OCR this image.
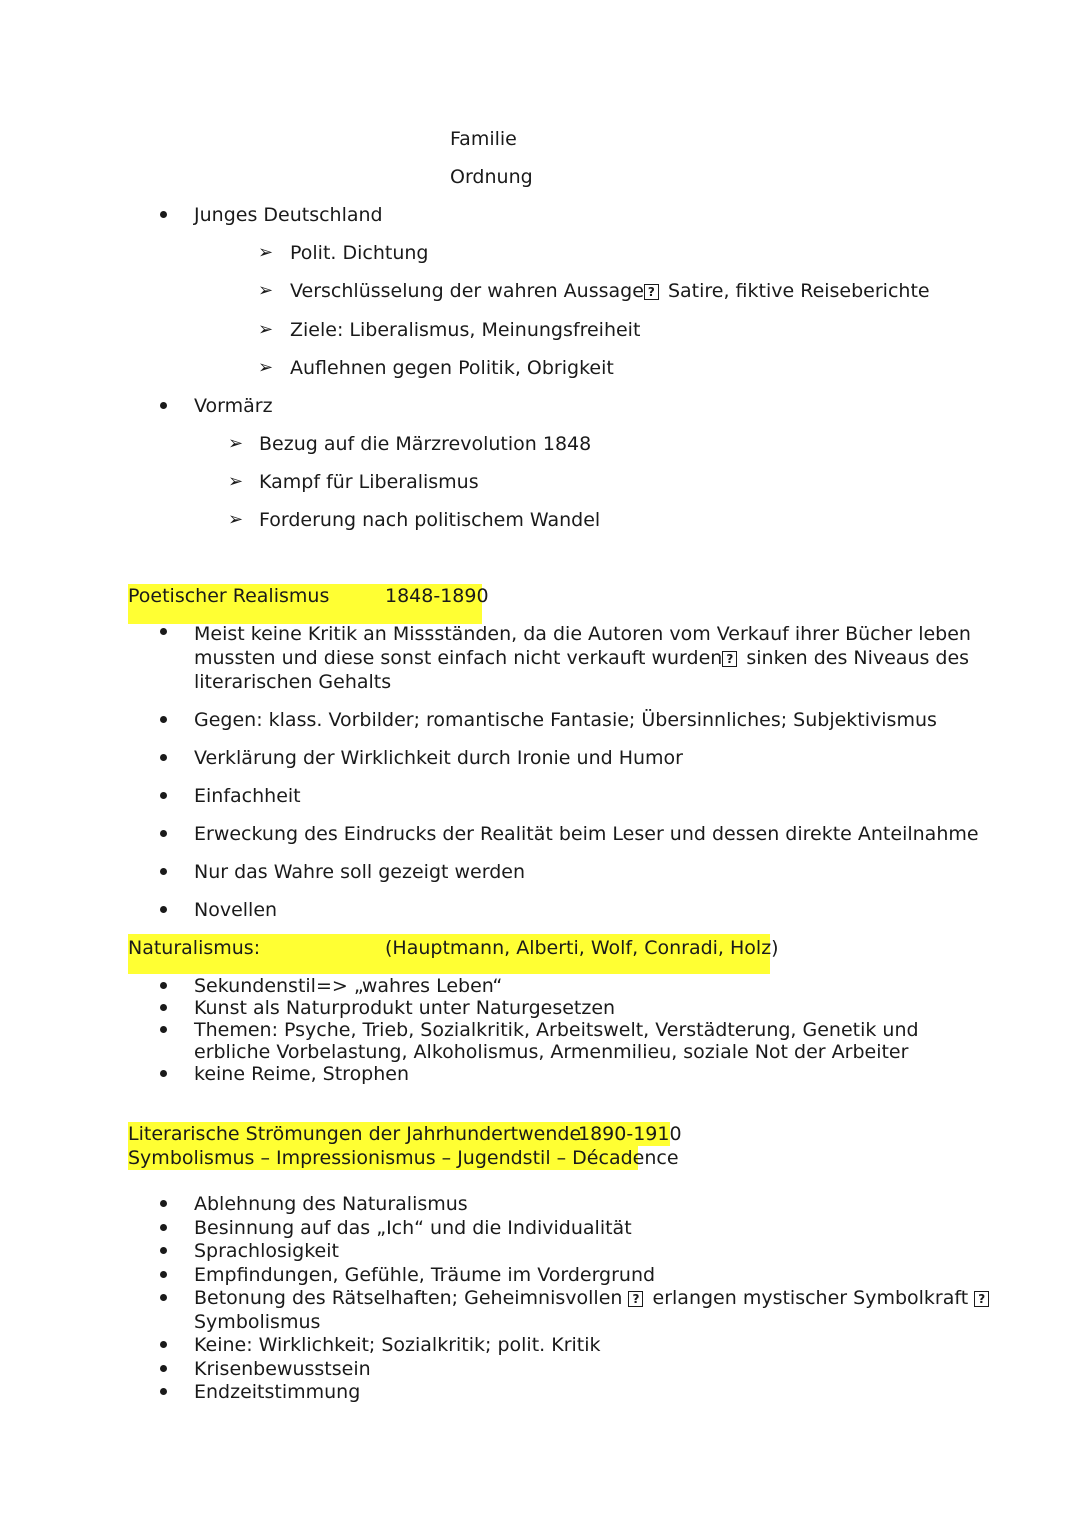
Familie
Ordnung
Junges Deutschland
➢ Polit. Dichtung
➢ Verschlüsselung der wahren Aussage ? Satire, fiktive Reiseberichte
➢ Ziele: Liberalismus, Meinungsfreiheit
➢ Auflehnen gegen Politik, Obrigkeit
Vormärz
➢ Bezug auf die Märzrevolution 1848
➢ Kampf für Liberalismus
➢ Forderung nach politischem Wandel
Poetischer Realismus	1848-1890
Meist keine Kritik an Missständen, da die Autoren vom Verkauf ihrer Bücher leben
mussten und diese sonst einfach nicht verkauft wurden ? sinken des Niveaus des
literarischen Gehalts
Gegen: klass. Vorbilder; romantische Fantasie; Übersinnliches; Subjektivismus
Verklärung der Wirklichkeit durch Ironie und Humor
Einfachheit
Erweckung des Eindrucks der Realität beim Leser und dessen direkte Anteilnahme
Nur das Wahre soll gezeigt werden
Novellen
Naturalismus:	(Hauptmann, Alberti, Wolf, Conradi, Holz)
Sekundenstil=> „wahres Leben“
Kunst als Naturprodukt unter Naturgesetzen
Themen: Psyche, Trieb, Sozialkritik, Arbeitswelt, Verstädterung, Genetik und
erbliche Vorbelastung, Alkoholismus, Armenmilieu, soziale Not der Arbeiter
keine Reime, Strophen
Literarische Strömungen der Jahrhundertwende
1890-1910
Symbolismus – Impressionismus – Jugendstil – Décadence
Ablehnung des Naturalismus
Besinnung auf das „Ich“ und die Individualität
Sprachlosigkeit
Empfindungen, Gefühle, Träume im Vordergrund
Betonung des Rätselhaften; Geheimnisvollen ? erlangen mystischer Symbolkraft ?
Symbolismus
Keine: Wirklichkeit; Sozialkritik; polit. Kritik
Krisenbewusstsein
Endzeitstimmung
